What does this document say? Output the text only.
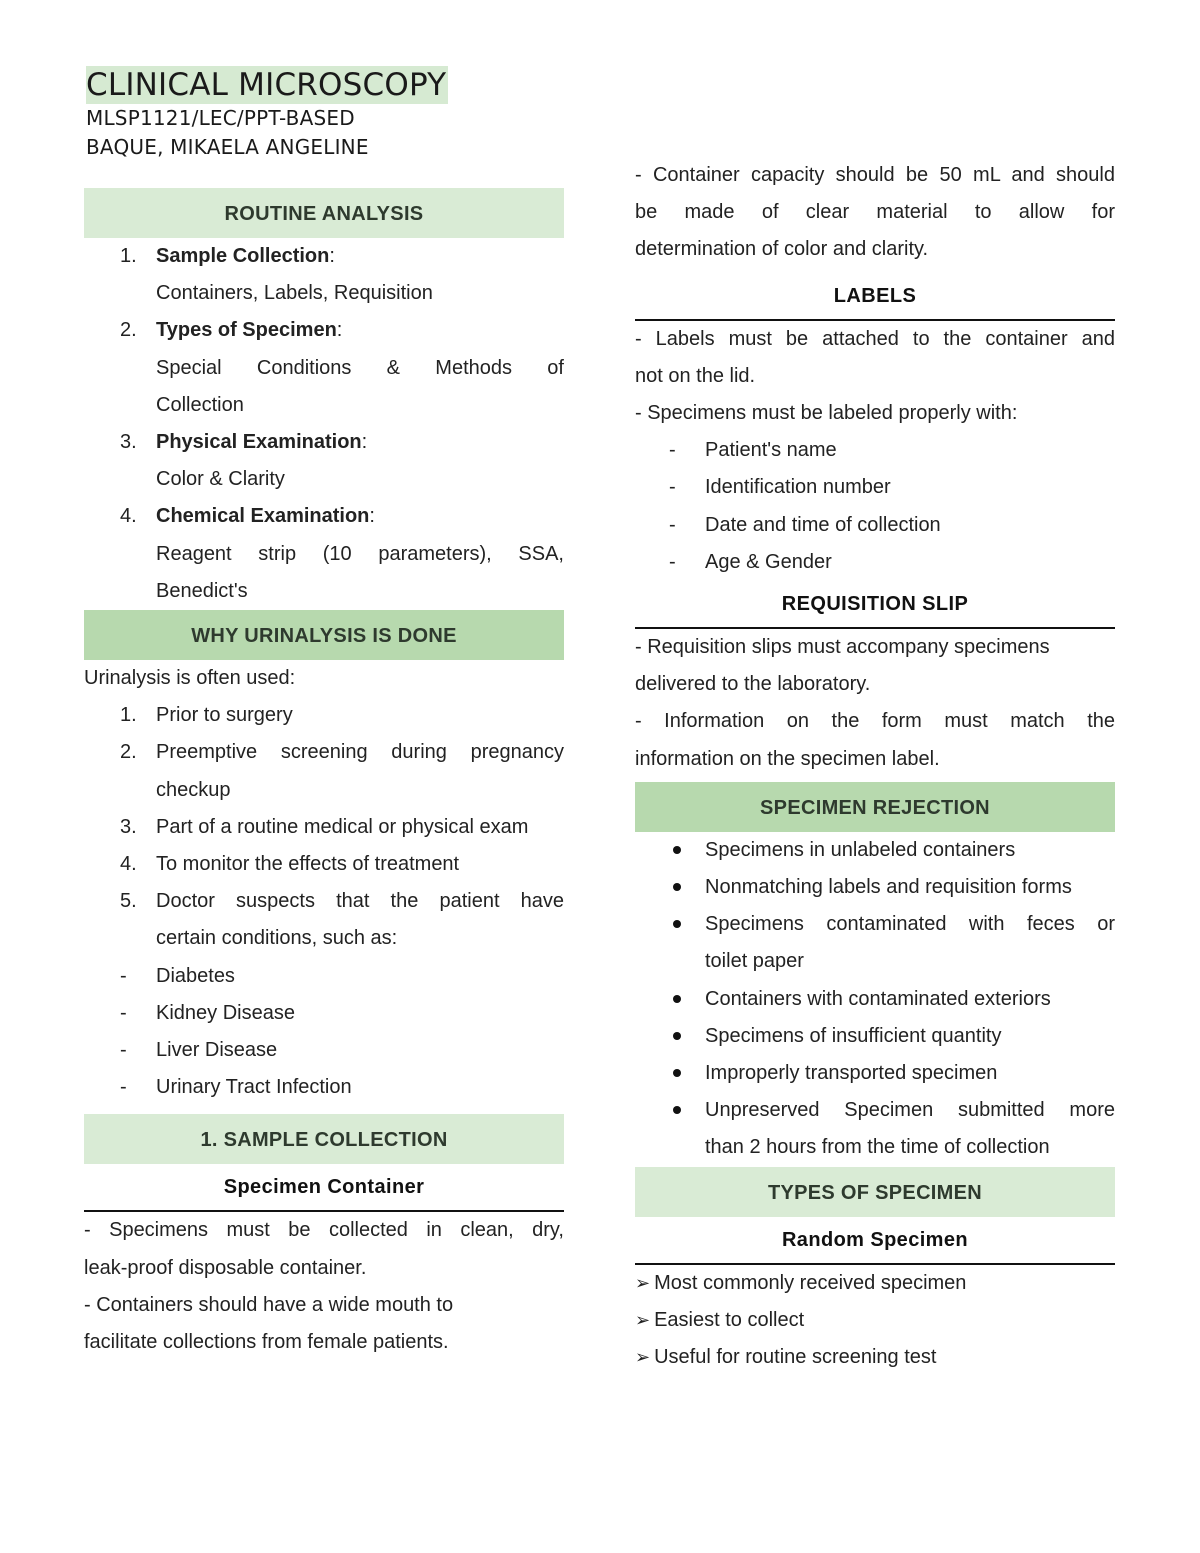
CLINICAL MICROSCOPY
MLSP1121/LEC/PPT-BASED
BAQUE, MIKAELA ANGELINE
ROUTINE ANALYSIS
1. Sample Collection:
Containers, Labels, Requisition
2. Types of Specimen:
Special Conditions & Methods of
Collection
3. Physical Examination:
Color & Clarity
4. Chemical Examination:
Reagent strip (10 parameters), SSA,
Benedict's
WHY URINALYSIS IS DONE
Urinalysis is often used:
1. Prior to surgery
2. Preemptive screening during pregnancy
checkup
3. Part of a routine medical or physical exam
4. To monitor the effects of treatment
5. Doctor suspects that the patient have
certain conditions, such as:
-	Diabetes
-	Kidney Disease
-	Liver Disease
-	Urinary Tract Infection
1. SAMPLE COLLECTION
Specimen Container
- Specimens must be collected in clean, dry,
leak-proof disposable container.
- Containers should have a wide mouth to
facilitate collections from female patients.
- Container capacity should be 50 mL and should
be made of clear material to allow for
determination of color and clarity.
LABELS
- Labels must be attached to the container and
not on the lid.
- Specimens must be labeled properly with:
-	Patient's name
-	Identification number
-	Date and time of collection
-	Age & Gender
REQUISITION SLIP
- Requisition slips must accompany specimens
delivered to the laboratory.
- Information on the form must match the
information on the specimen label.
SPECIMEN REJECTION
Specimens in unlabeled containers
Nonmatching labels and requisition forms
Specimens contaminated with feces or
toilet paper
Containers with contaminated exteriors
Specimens of insufficient quantity
Improperly transported specimen
Unpreserved Specimen submitted more
than 2 hours from the time of collection
TYPES OF SPECIMEN
Random Specimen
➢ Most commonly received specimen
➢ Easiest to collect
➢ Useful for routine screening test
